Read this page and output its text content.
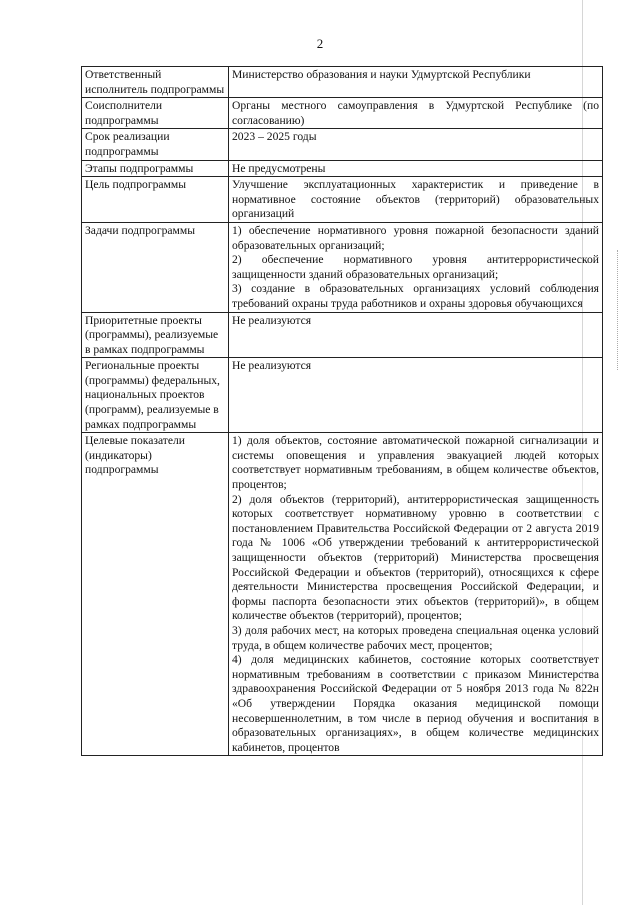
2
Ответственный исполнитель подпрограммы	Министерство образования и науки Удмуртской Республики

Соисполнители подпрограммы	Органы местного самоуправления в Удмуртской Республике (по согласованию)

Срок реализации подпрограммы	2023 – 2025 годы

Этапы подпрограммы	Не предусмотрены

Цель подпрограммы	Улучшение эксплуатационных характеристик и приведение в нормативное состояние объектов (территорий) образовательных организаций

Задачи подпрограммы	1) обеспечение нормативного уровня пожарной безопасности зданий образовательных организаций;
2) обеспечение нормативного уровня антитеррористической защищенности зданий образовательных организаций;
3) создание в образовательных организациях условий соблюдения требований охраны труда работников и охраны здоровья обучающихся

Приоритетные проекты (программы), реализуемые в рамках подпрограммы	Не реализуются

Региональные проекты (программы) федеральных, национальных проектов (программ), реализуемые в рамках подпрограммы	Не реализуются

Целевые показатели (индикаторы) подпрограммы	1) доля объектов, состояние автоматической пожарной сигнализации и системы оповещения и управления эвакуацией людей которых соответствует нормативным требованиям, в общем количестве объектов, процентов;
2) доля объектов (территорий), антитеррористическая защищенность которых соответствует нормативному уровню в соответствии с постановлением Правительства Российской Федерации от 2 августа 2019 года № 1006 «Об утверждении требований к антитеррористической защищенности объектов (территорий) Министерства просвещения Российской Федерации и объектов (территорий), относящихся к сфере деятельности Министерства просвещения Российской Федерации, и формы паспорта безопасности этих объектов (территорий)», в общем количестве объектов (территорий), процентов;
3) доля рабочих мест, на которых проведена специальная оценка условий труда, в общем количестве рабочих мест, процентов;
4) доля медицинских кабинетов, состояние которых соответствует нормативным требованиям в соответствии с приказом Министерства здравоохранения Российской Федерации от 5 ноября 2013 года № 822н «Об утверждении Порядка оказания медицинской помощи несовершеннолетним, в том числе в период обучения и воспитания в образовательных организациях», в общем количестве медицинских кабинетов, процентов
